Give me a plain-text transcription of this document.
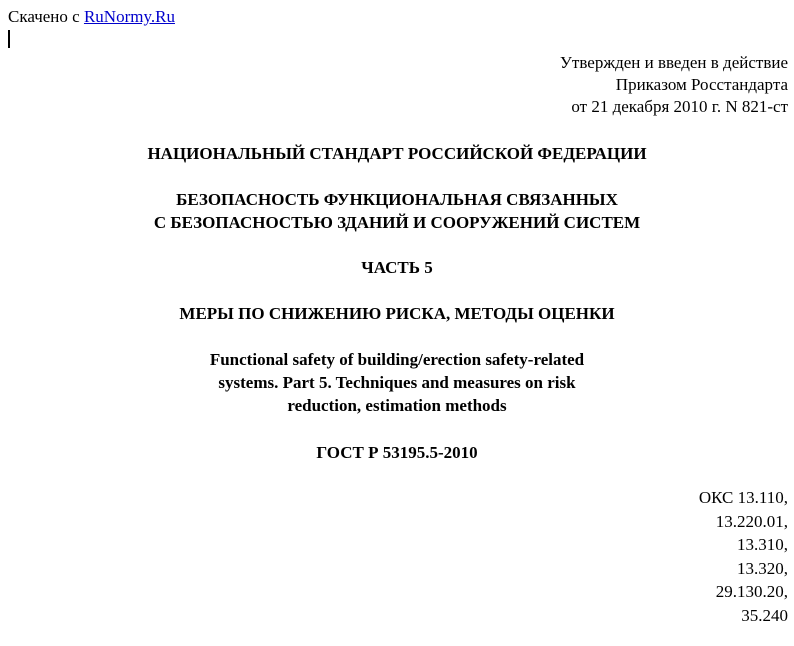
Скачено с RuNormy.Ru
Утвержден и введен в действие
Приказом Росстандарта
от 21 декабря 2010 г. N 821-ст
НАЦИОНАЛЬНЫЙ СТАНДАРТ РОССИЙСКОЙ ФЕДЕРАЦИИ
БЕЗОПАСНОСТЬ ФУНКЦИОНАЛЬНАЯ СВЯЗАННЫХ
С БЕЗОПАСНОСТЬЮ ЗДАНИЙ И СООРУЖЕНИЙ СИСТЕМ
ЧАСТЬ 5
МЕРЫ ПО СНИЖЕНИЮ РИСКА, МЕТОДЫ ОЦЕНКИ
Functional safety of building/erection safety-related
systems. Part 5. Techniques and measures on risk
reduction, estimation methods
ГОСТ Р 53195.5-2010
ОКС 13.110,
13.220.01,
13.310,
13.320,
29.130.20,
35.240
